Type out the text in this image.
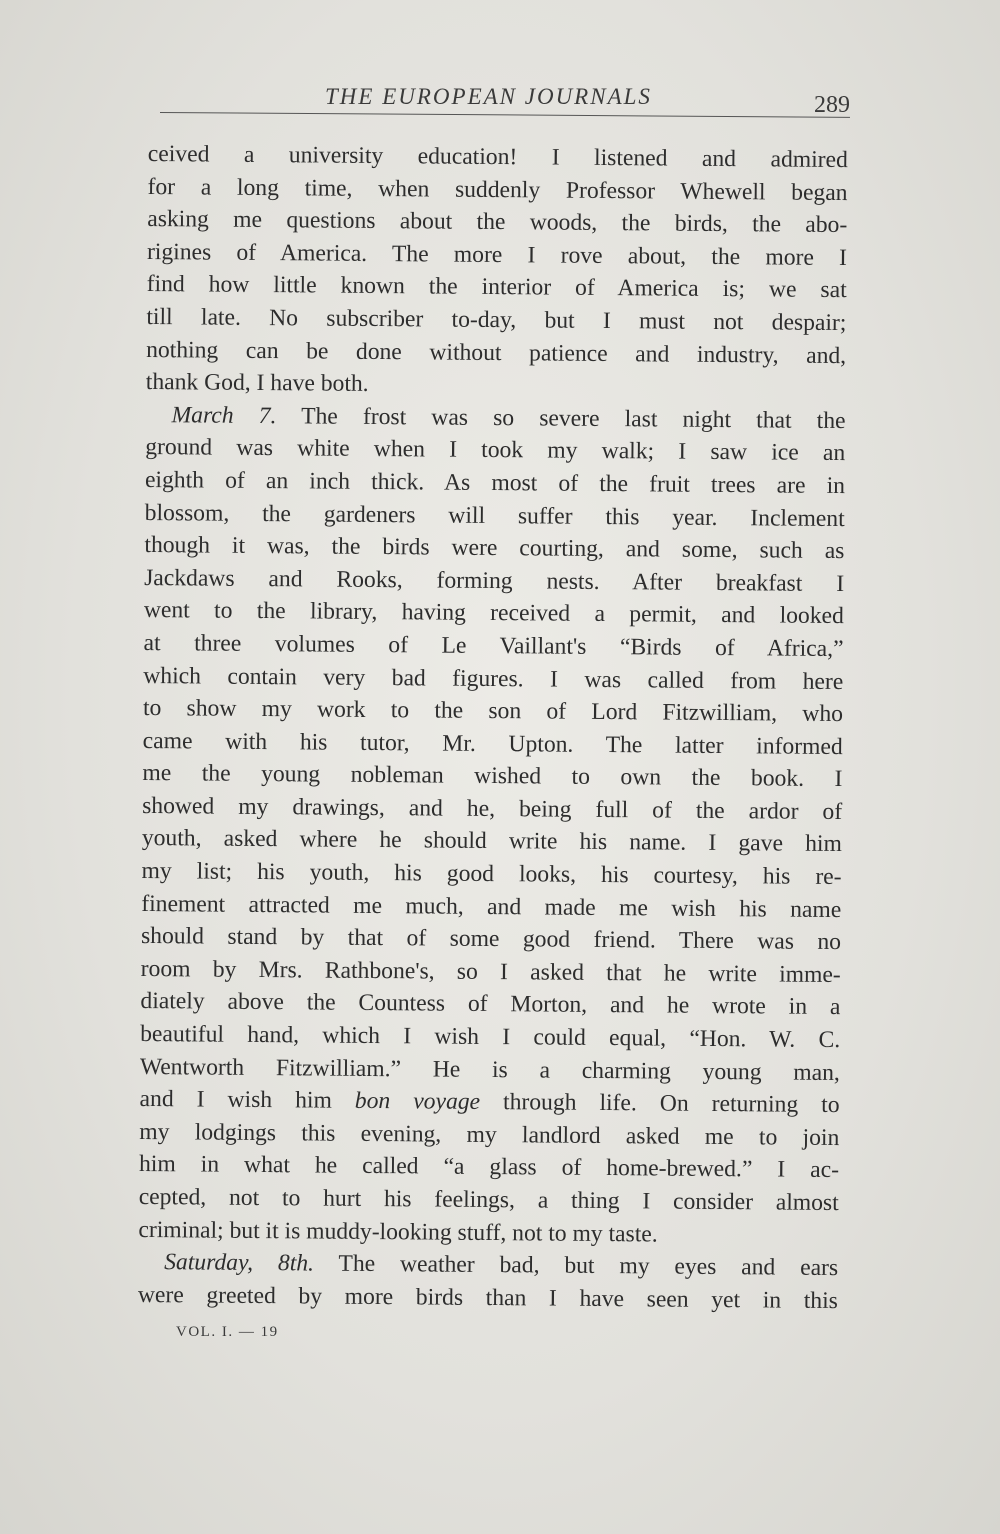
THE EUROPEAN JOURNALS	289
ceived a university education! I listened and admired
for a long time, when suddenly Professor Whewell began
asking me questions about the woods, the birds, the abo-
rigines of America. The more I rove about, the more I
find how little known the interior of America is; we sat
till late. No subscriber to-day, but I must not despair;
nothing can be done without patience and industry, and,
thank God, I have both.
March 7. The frost was so severe last night that the
ground was white when I took my walk; I saw ice an
eighth of an inch thick. As most of the fruit trees are in
blossom, the gardeners will suffer this year. Inclement
though it was, the birds were courting, and some, such as
Jackdaws and Rooks, forming nests. After breakfast I
went to the library, having received a permit, and looked
at three volumes of Le Vaillant's “Birds of Africa,”
which contain very bad figures. I was called from here
to show my work to the son of Lord Fitzwilliam, who
came with his tutor, Mr. Upton. The latter informed
me the young nobleman wished to own the book. I
showed my drawings, and he, being full of the ardor of
youth, asked where he should write his name. I gave him
my list; his youth, his good looks, his courtesy, his re-
finement attracted me much, and made me wish his name
should stand by that of some good friend. There was no
room by Mrs. Rathbone's, so I asked that he write imme-
diately above the Countess of Morton, and he wrote in a
beautiful hand, which I wish I could equal, “Hon. W. C.
Wentworth Fitzwilliam.” He is a charming young man,
and I wish him bon voyage through life. On returning to
my lodgings this evening, my landlord asked me to join
him in what he called “a glass of home-brewed.” I ac-
cepted, not to hurt his feelings, a thing I consider almost
criminal; but it is muddy-looking stuff, not to my taste.
Saturday, 8th. The weather bad, but my eyes and ears
were greeted by more birds than I have seen yet in this
VOL. I. — 19
